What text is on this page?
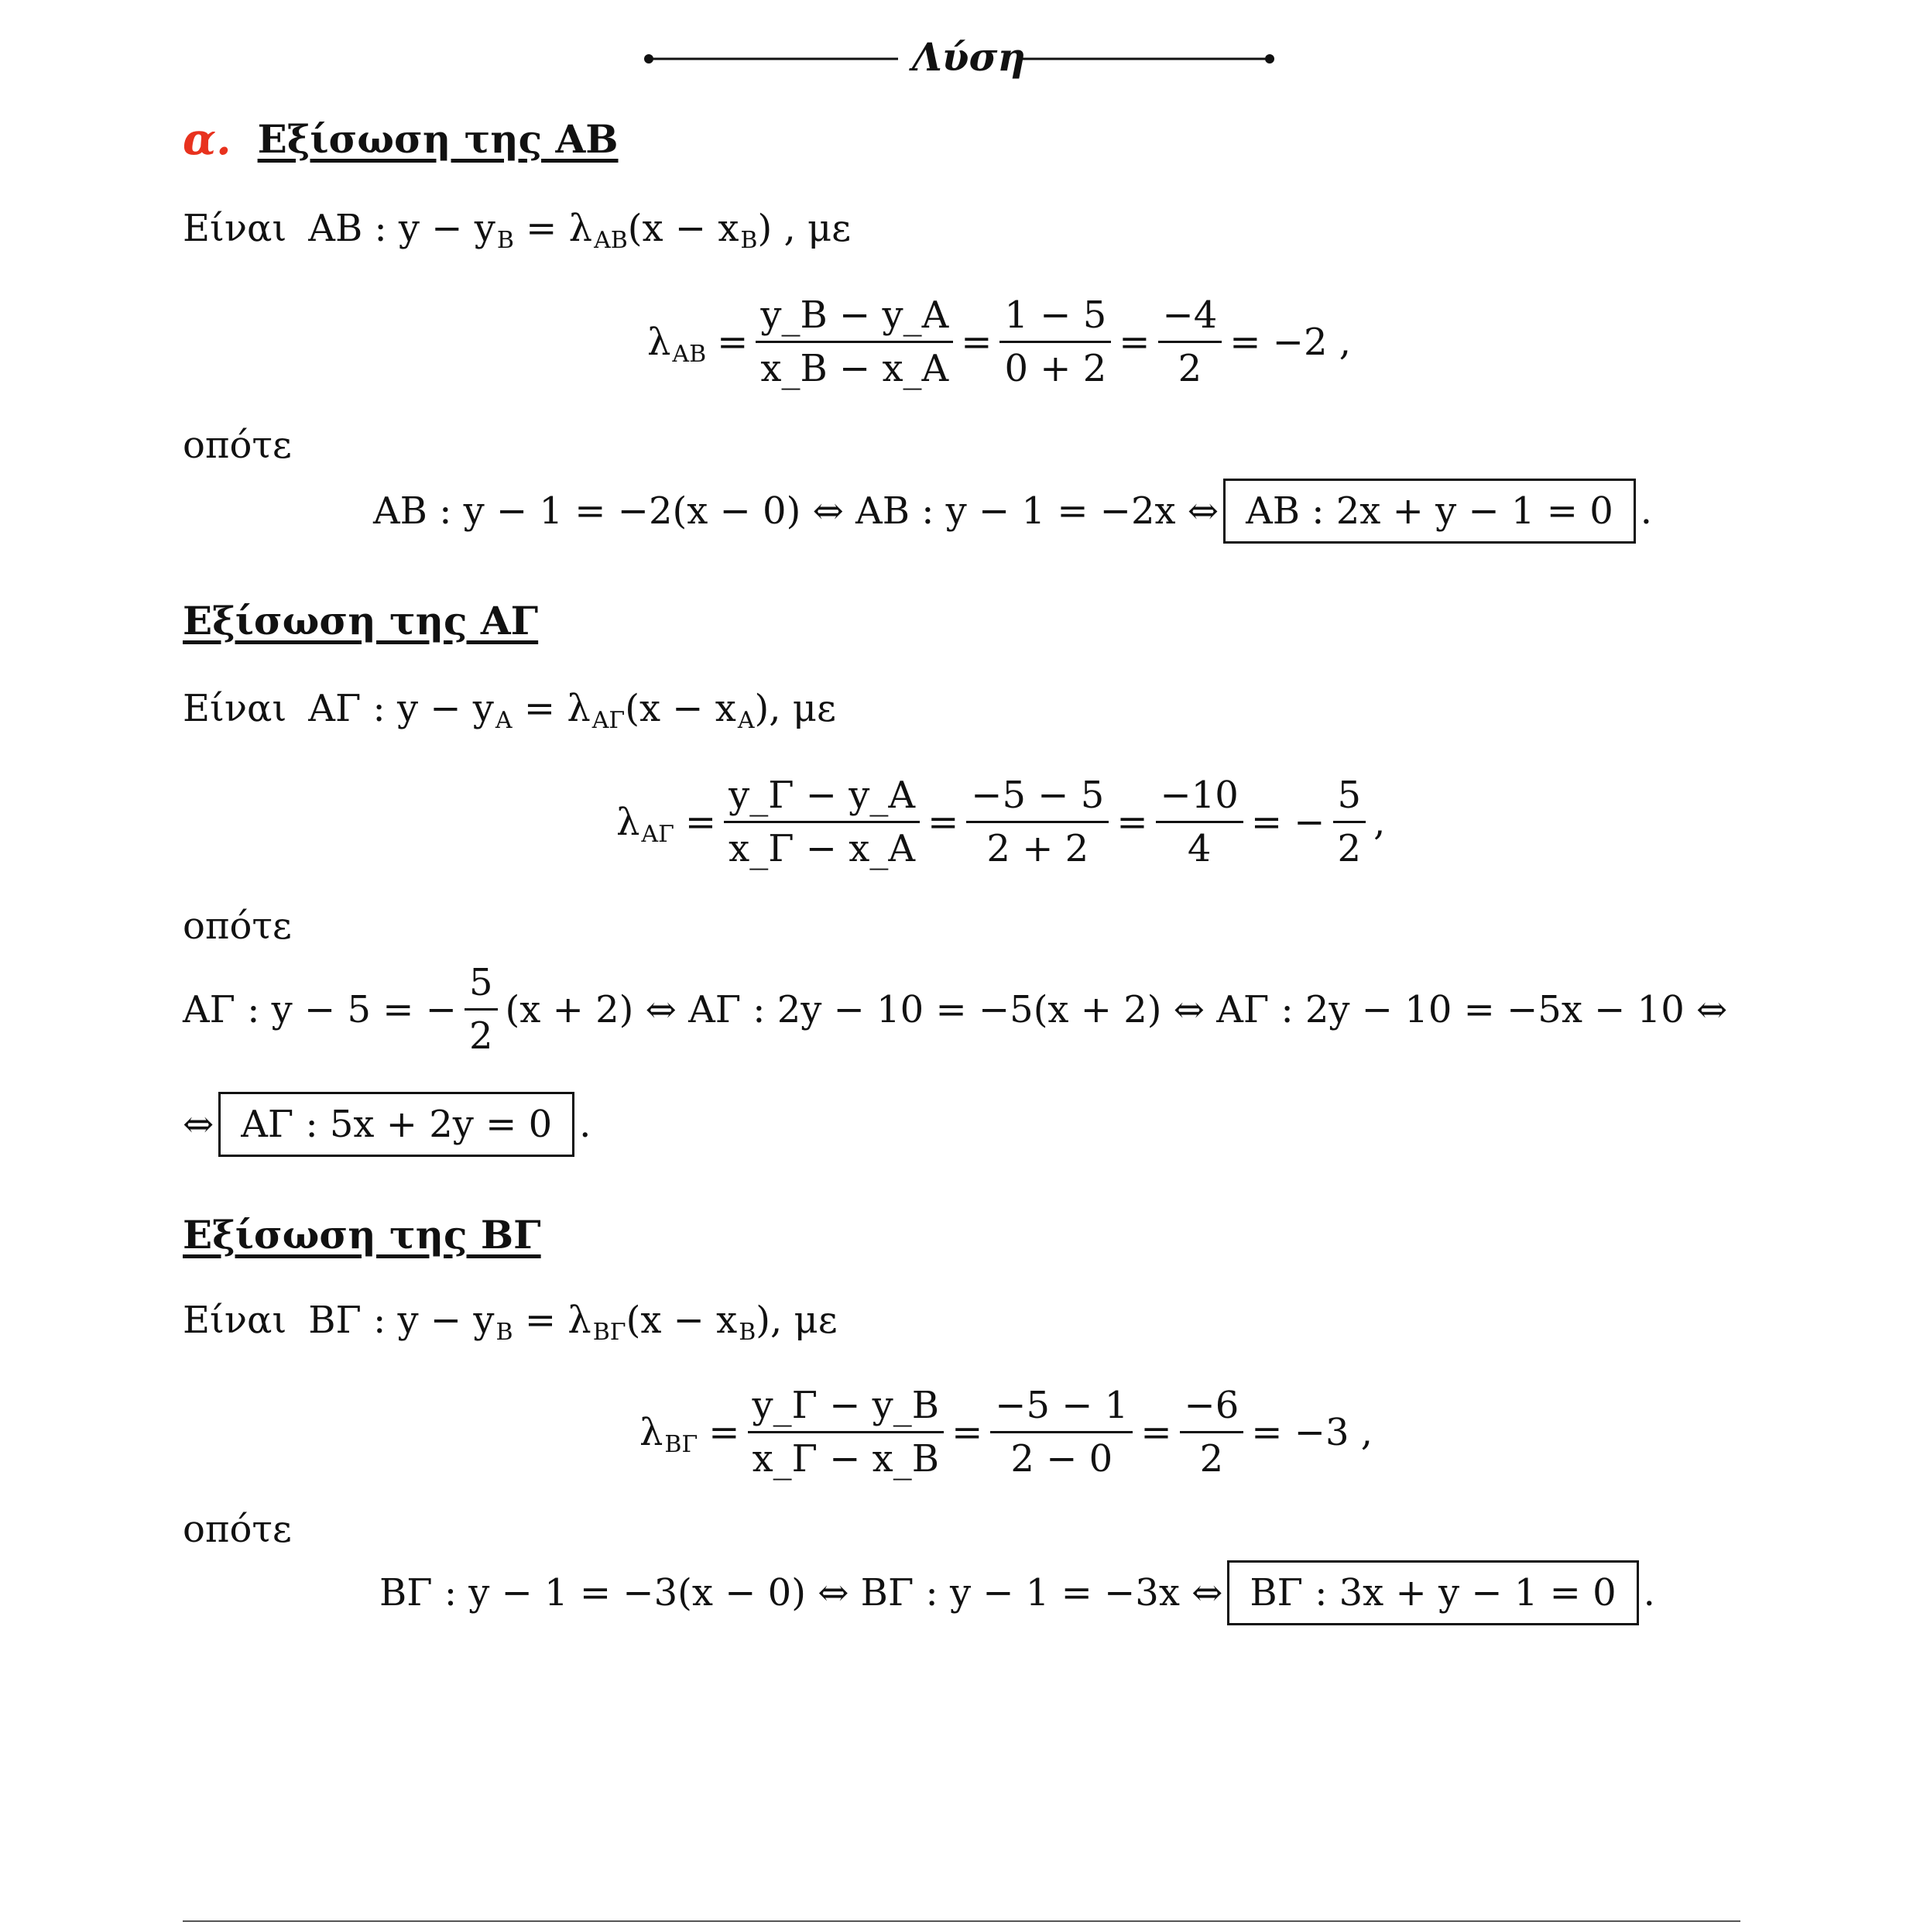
Λύση
α. Εξίσωση της ΑΒ
Είναι AB : y − y B = λ AB (x − x B ) , με
λ AB = $\frac{y\_B - y\_A}{x\_B - x\_A} = \frac{1 - 5}{0 + 2} = \frac{-4}{2} = -2$ ,
οπότε
AB : y − 1 = −2(x − 0) ⇔ AB : y − 1 = −2x ⇔ AB : 2x + y − 1 = 0 .
Εξίσωση της ΑΓ
Είναι AΓ : y − y A = λ AΓ (x − x A ), με
λ $A\Gamma = \frac{y\_\Gamma - y\_A}{x\_\Gamma - x\_A} = \frac{-5 - 5}{2 + 2} = \frac{-10}{4}$ = − $\frac{5}{2}$ ,
οπότε
AΓ : y − 5 = − $\frac{5}{2} (x + 2)$ ⇔ AΓ : 2y − 10 = −5(x + 2) ⇔ AΓ : 2y − 10 = −5x − 10 ⇔
⇔ AΓ : 5x + 2y = 0 .
Εξίσωση της ΒΓ
Είναι BΓ : y − y B = λ BΓ (x − x B ), με
λ $B\Gamma = \frac{y\_\Gamma - y\_B}{x\_\Gamma - x\_B} = \frac{-5 - 1}{2 - 0} = \frac{-6}{2} = -3$ ,
οπότε
BΓ : y − 1 = −3(x − 0) ⇔ BΓ : y − 1 = −3x ⇔ BΓ : 3x + y − 1 = 0 .
